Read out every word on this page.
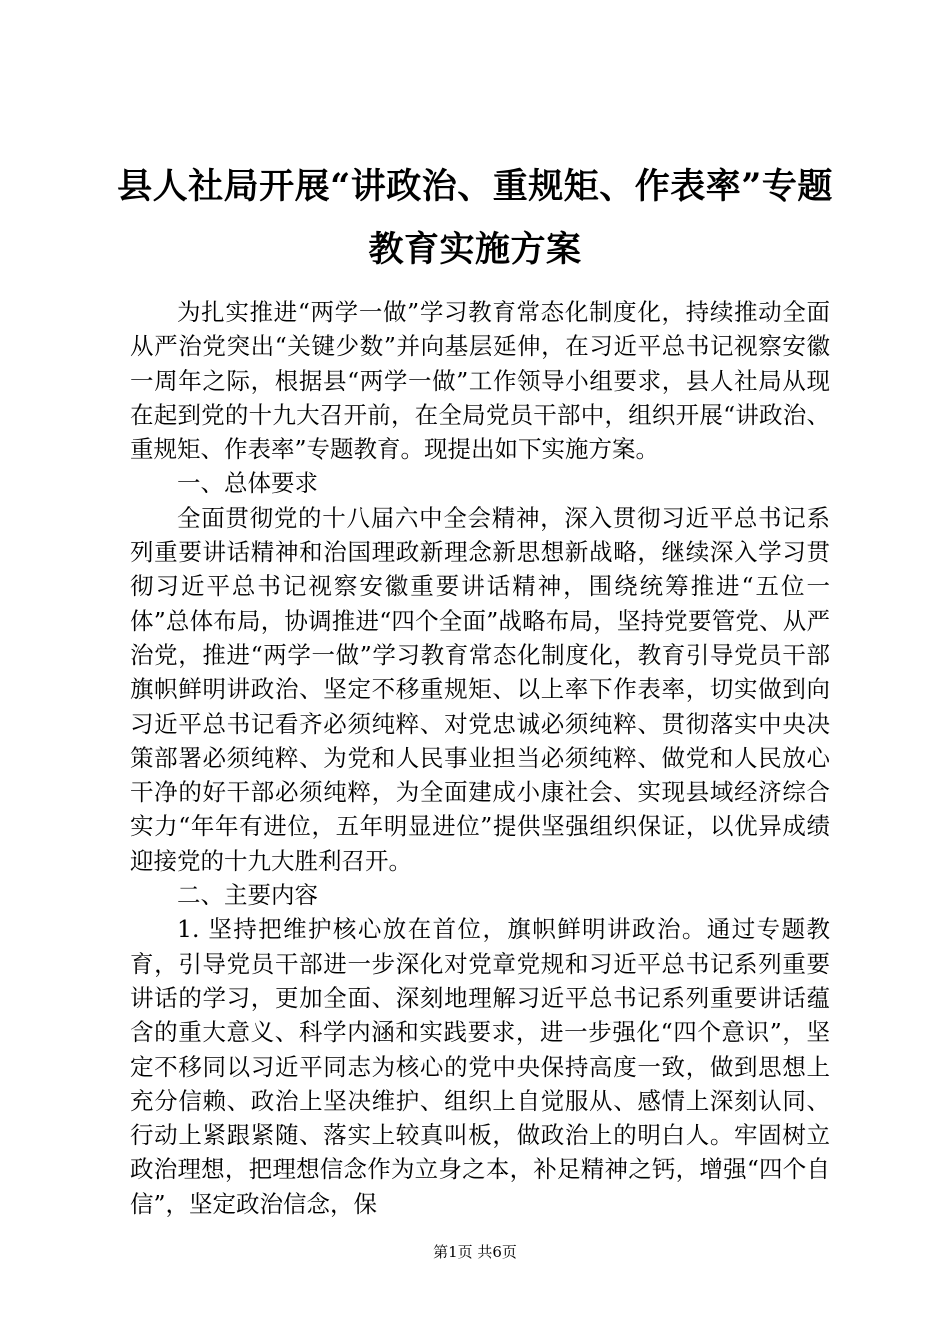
县人社局开展“讲政治、重规矩、作表率”专题教育实施方案

为扎实推进“两学一做”学习教育常态化制度化，持续推动全面从严治党突出“关键少数”并向基层延伸，在习近平总书记视察安徽一周年之际，根据县“两学一做”工作领导小组要求，县人社局从现在起到党的十九大召开前，在全局党员干部中，组织开展“讲政治、重规矩、作表率”专题教育。现提出如下实施方案。

一、总体要求

全面贯彻党的十八届六中全会精神，深入贯彻习近平总书记系列重要讲话精神和治国理政新理念新思想新战略，继续深入学习贯彻习近平总书记视察安徽重要讲话精神，围绕统筹推进“五位一体”总体布局，协调推进“四个全面”战略布局，坚持党要管党、从严治党，推进“两学一做”学习教育常态化制度化，教育引导党员干部旗帜鲜明讲政治、坚定不移重规矩、以上率下作表率，切实做到向习近平总书记看齐必须纯粹、对党忠诚必须纯粹、贯彻落实中央决策部署必须纯粹、为党和人民事业担当必须纯粹、做党和人民放心干净的好干部必须纯粹，为全面建成小康社会、实现县域经济综合实力“年年有进位，五年明显进位”提供坚强组织保证，以优异成绩迎接党的十九大胜利召开。

二、主要内容

1. 坚持把维护核心放在首位，旗帜鲜明讲政治。通过专题教育，引导党员干部进一步深化对党章党规和习近平总书记系列重要讲话的学习，更加全面、深刻地理解习近平总书记系列重要讲话蕴含的重大意义、科学内涵和实践要求，进一步强化“四个意识”，坚定不移同以习近平同志为核心的党中央保持高度一致，做到思想上充分信赖、政治上坚决维护、组织上自觉服从、感情上深刻认同、行动上紧跟紧随、落实上较真叫板，做政治上的明白人。牢固树立政治理想，把理想信念作为立身之本，补足精神之钙，增强“四个自信”，坚定政治信念，保

第1页 共6页
